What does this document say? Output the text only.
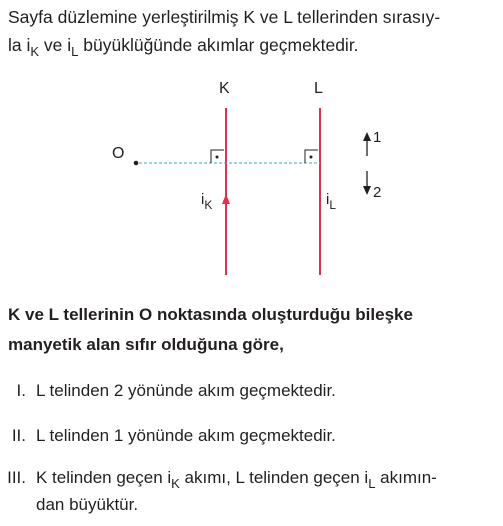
Sayfa düzlemine yerleştirilmiş K ve L tellerinden sırasıy-
la $i_K$ ve $i_L$ büyüklüğünde akımlar geçmektedir.
K	L
O
$i_K$	$i_L$
1
2
K ve L tellerinin O noktasında oluşturduğu bileşke
manyetik alan sıfır olduğuna göre,
I. L telinden 2 yönünde akım geçmektedir.
II. L telinden 1 yönünde akım geçmektedir.
III. K telinden geçen $i_K$ akımı, L telinden geçen $i_L$ akımın-
dan büyüktür.
